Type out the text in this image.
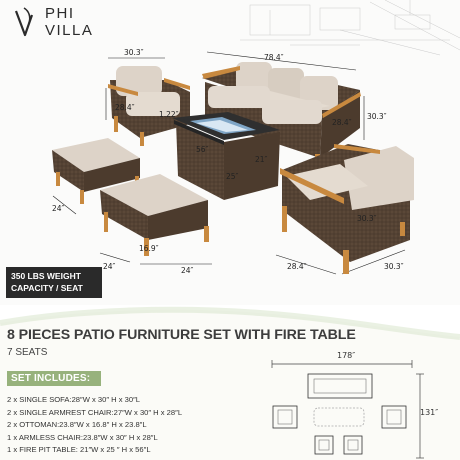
PHI
VILLA
30.3″
28.4″
1.22″
78.4″
28.4″
30.3″
56″
21″
25″
24″
16.9″
24″	24″
30.3″
28.4″	30.3″
350 LBS WEIGHT
CAPACITY / SEAT
8 PIECES PATIO FURNITURE SET WITH FIRE TABLE
7 SEATS
SET INCLUDES:
2 x SINGLE SOFA:28″W x 30″ H x 30″L
2 x SINGLE ARMREST CHAIR:27″W x 30″ H x 28″L
2 x OTTOMAN:23.8″W x 16.8″ H x 23.8″L
1 x ARMLESS CHAIR:23.8″W x 30″ H x 28″L
1 x FIRE PIT TABLE: 21″W x 25 ″ H x 56″L
178″
131″
